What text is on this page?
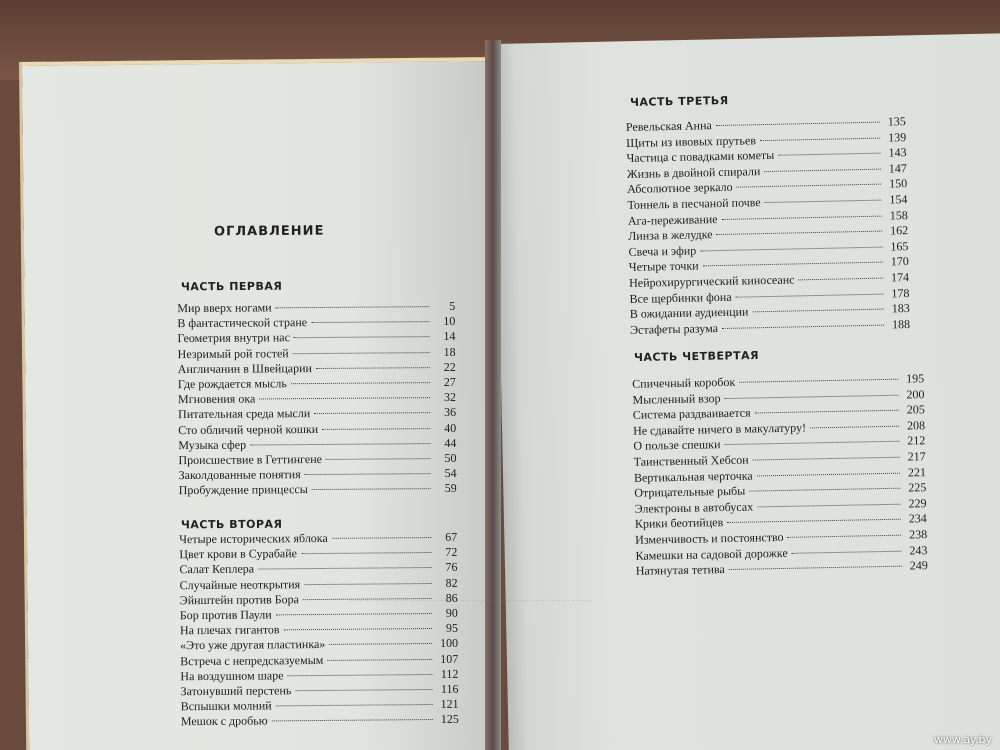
ОГЛАВЛЕНИЕ
ЧАСТЬ ПЕРВАЯ
Мир вверх ногами	5
В фантастической стране	10
Геометрия внутри нас	14
Незримый рой гостей	18
Англичанин в Швейцарии	22
Где рождается мысль	27
Мгновения ока	32
Питательная среда мысли	36
Сто обличий черной кошки	40
Музыка сфер	44
Происшествие в Геттингене	50
Заколдованные понятия	54
Пробуждение принцессы	59
ЧАСТЬ ВТОРАЯ
Четыре исторических яблока	67
Цвет крови в Сурабайе	72
Салат Кеплера	76
Случайные неоткрытия	82
Эйнштейн против Бора	86
Бор против Паули	90
На плечах гигантов	95
«Это уже другая пластинка»	100
Встреча с непредсказуемым	107
На воздушном шаре	112
Затонувший перстень	116
Вспышки молний	121
Мешок с дробью	125
ЧАСТЬ ТРЕТЬЯ
Ревельская Анна	135
Щиты из ивовых прутьев	139
Частица с повадками кометы	143
Жизнь в двойной спирали	147
Абсолютное зеркало	150
Тоннель в песчаной почве	154
Ага-переживание	158
Линза в желудке	162
Свеча и эфир	165
Четыре точки	170
Нейрохирургический киносеанс	174
Все щербинки фона	178
В ожидании аудиенции	183
Эстафеты разума	188
ЧАСТЬ ЧЕТВЕРТАЯ
Спичечный коробок	195
Мысленный взор	200
Система раздваивается	205
Не сдавайте ничего в макулатуру!	208
О пользе спешки	212
Таинственный Хебсон	217
Вертикальная черточка	221
Отрицательные рыбы	225
Электроны в автобусах	229
Крики беотийцев	234
Изменчивость и постоянство	238
Камешки на садовой дорожке	243
Натянутая тетива	249
www.ay.by
